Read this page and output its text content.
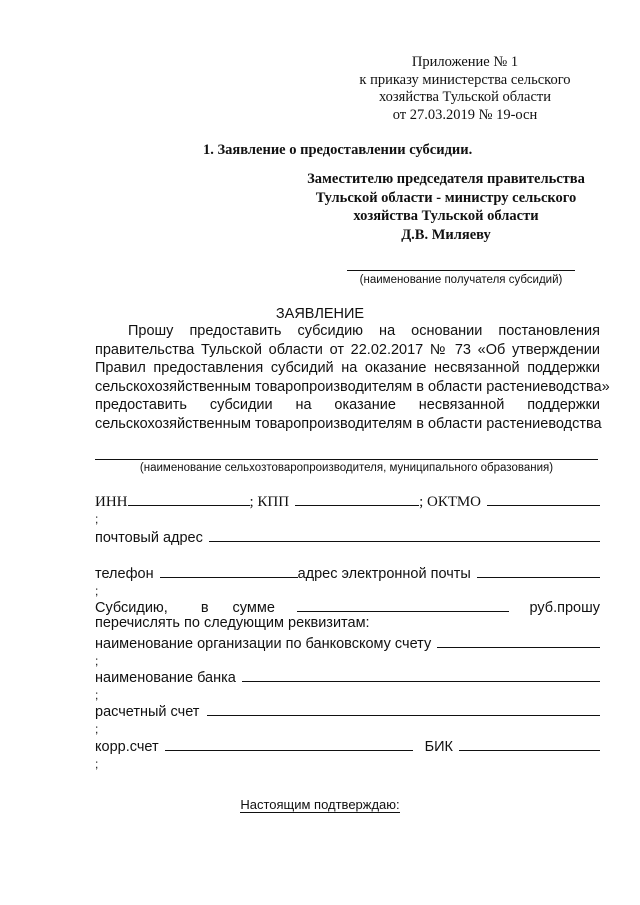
Приложение № 1
к приказу министерства сельского
хозяйства Тульской области
от 27.03.2019 № 19-осн
1. Заявление о предоставлении субсидии.
Заместителю председателя правительства
Тульской области - министру сельского
хозяйства Тульской области
Д.В. Миляеву
(наименование получателя субсидий)
ЗАЯВЛЕНИЕ
Прошу предоставить субсидию на основании постановления
правительства Тульской области от 22.02.2017 № 73 «Об утверждении
Правил предоставления субсидий на оказание несвязанной поддержки
сельскохозяйственным товаропроизводителям в области растениеводства»
предоставить субсидии на оказание несвязанной поддержки
сельскохозяйственным товаропроизводителям в области растениеводства
(наименование сельхозтоваропроизводителя, муниципального образования)
ИНН	; КПП	; ОКТМО
;
почтовый адрес
телефон	адрес электронной почты
;
Субсидию, в сумме	руб. прошу
перечислять по следующим реквизитам:
наименование организации по банковскому счету
;
наименование банка
;
расчетный счет
;
корр.счет	БИК
;
Настоящим подтверждаю:
